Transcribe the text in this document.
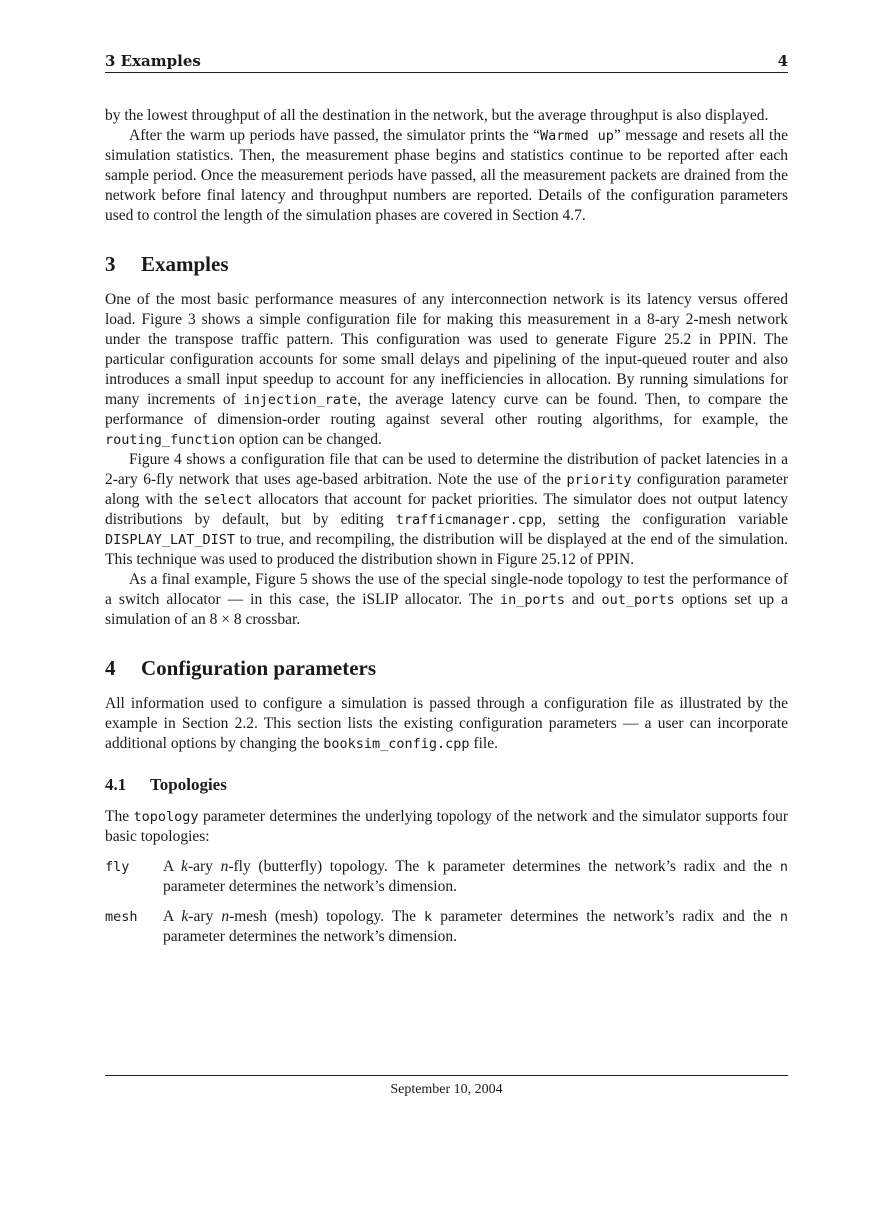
3 Examples	4

by the lowest throughput of all the destination in the network, but the average throughput is also displayed.

After the warm up periods have passed, the simulator prints the “Warmed up” message and resets all the simulation statistics. Then, the measurement phase begins and statistics continue to be reported after each sample period. Once the measurement periods have passed, all the measurement packets are drained from the network before final latency and throughput numbers are reported. Details of the configuration parameters used to control the length of the simulation phases are covered in Section 4.7.

3 Examples

One of the most basic performance measures of any interconnection network is its latency versus offered load. Figure 3 shows a simple configuration file for making this measurement in a 8-ary 2-mesh network under the transpose traffic pattern. This configuration was used to generate Figure 25.2 in PPIN. The particular configuration accounts for some small delays and pipelining of the input-queued router and also introduces a small input speedup to account for any inefficiencies in allocation. By running simulations for many increments of injection_rate, the average latency curve can be found. Then, to compare the performance of dimension-order routing against several other routing algorithms, for example, the routing_function option can be changed.

Figure 4 shows a configuration file that can be used to determine the distribution of packet latencies in a 2-ary 6-fly network that uses age-based arbitration. Note the use of the priority configuration parameter along with the select allocators that account for packet priorities. The simulator does not output latency distributions by default, but by editing trafficmanager.cpp, setting the configuration variable DISPLAY_LAT_DIST to true, and recompiling, the distribution will be displayed at the end of the simulation. This technique was used to produced the distribution shown in Figure 25.12 of PPIN.

As a final example, Figure 5 shows the use of the special single-node topology to test the performance of a switch allocator — in this case, the iSLIP allocator. The in_ports and out_ports options set up a simulation of an 8 × 8 crossbar.

4 Configuration parameters

All information used to configure a simulation is passed through a configuration file as illustrated by the example in Section 2.2. This section lists the existing configuration parameters — a user can incorporate additional options by changing the booksim_config.cpp file.

4.1 Topologies

The topology parameter determines the underlying topology of the network and the simulator supports four basic topologies:

fly	A k-ary n-fly (butterfly) topology. The k parameter determines the network’s radix and the n parameter determines the network’s dimension.
mesh	A k-ary n-mesh (mesh) topology. The k parameter determines the network’s radix and the n parameter determines the network’s dimension.
September 10, 2004
